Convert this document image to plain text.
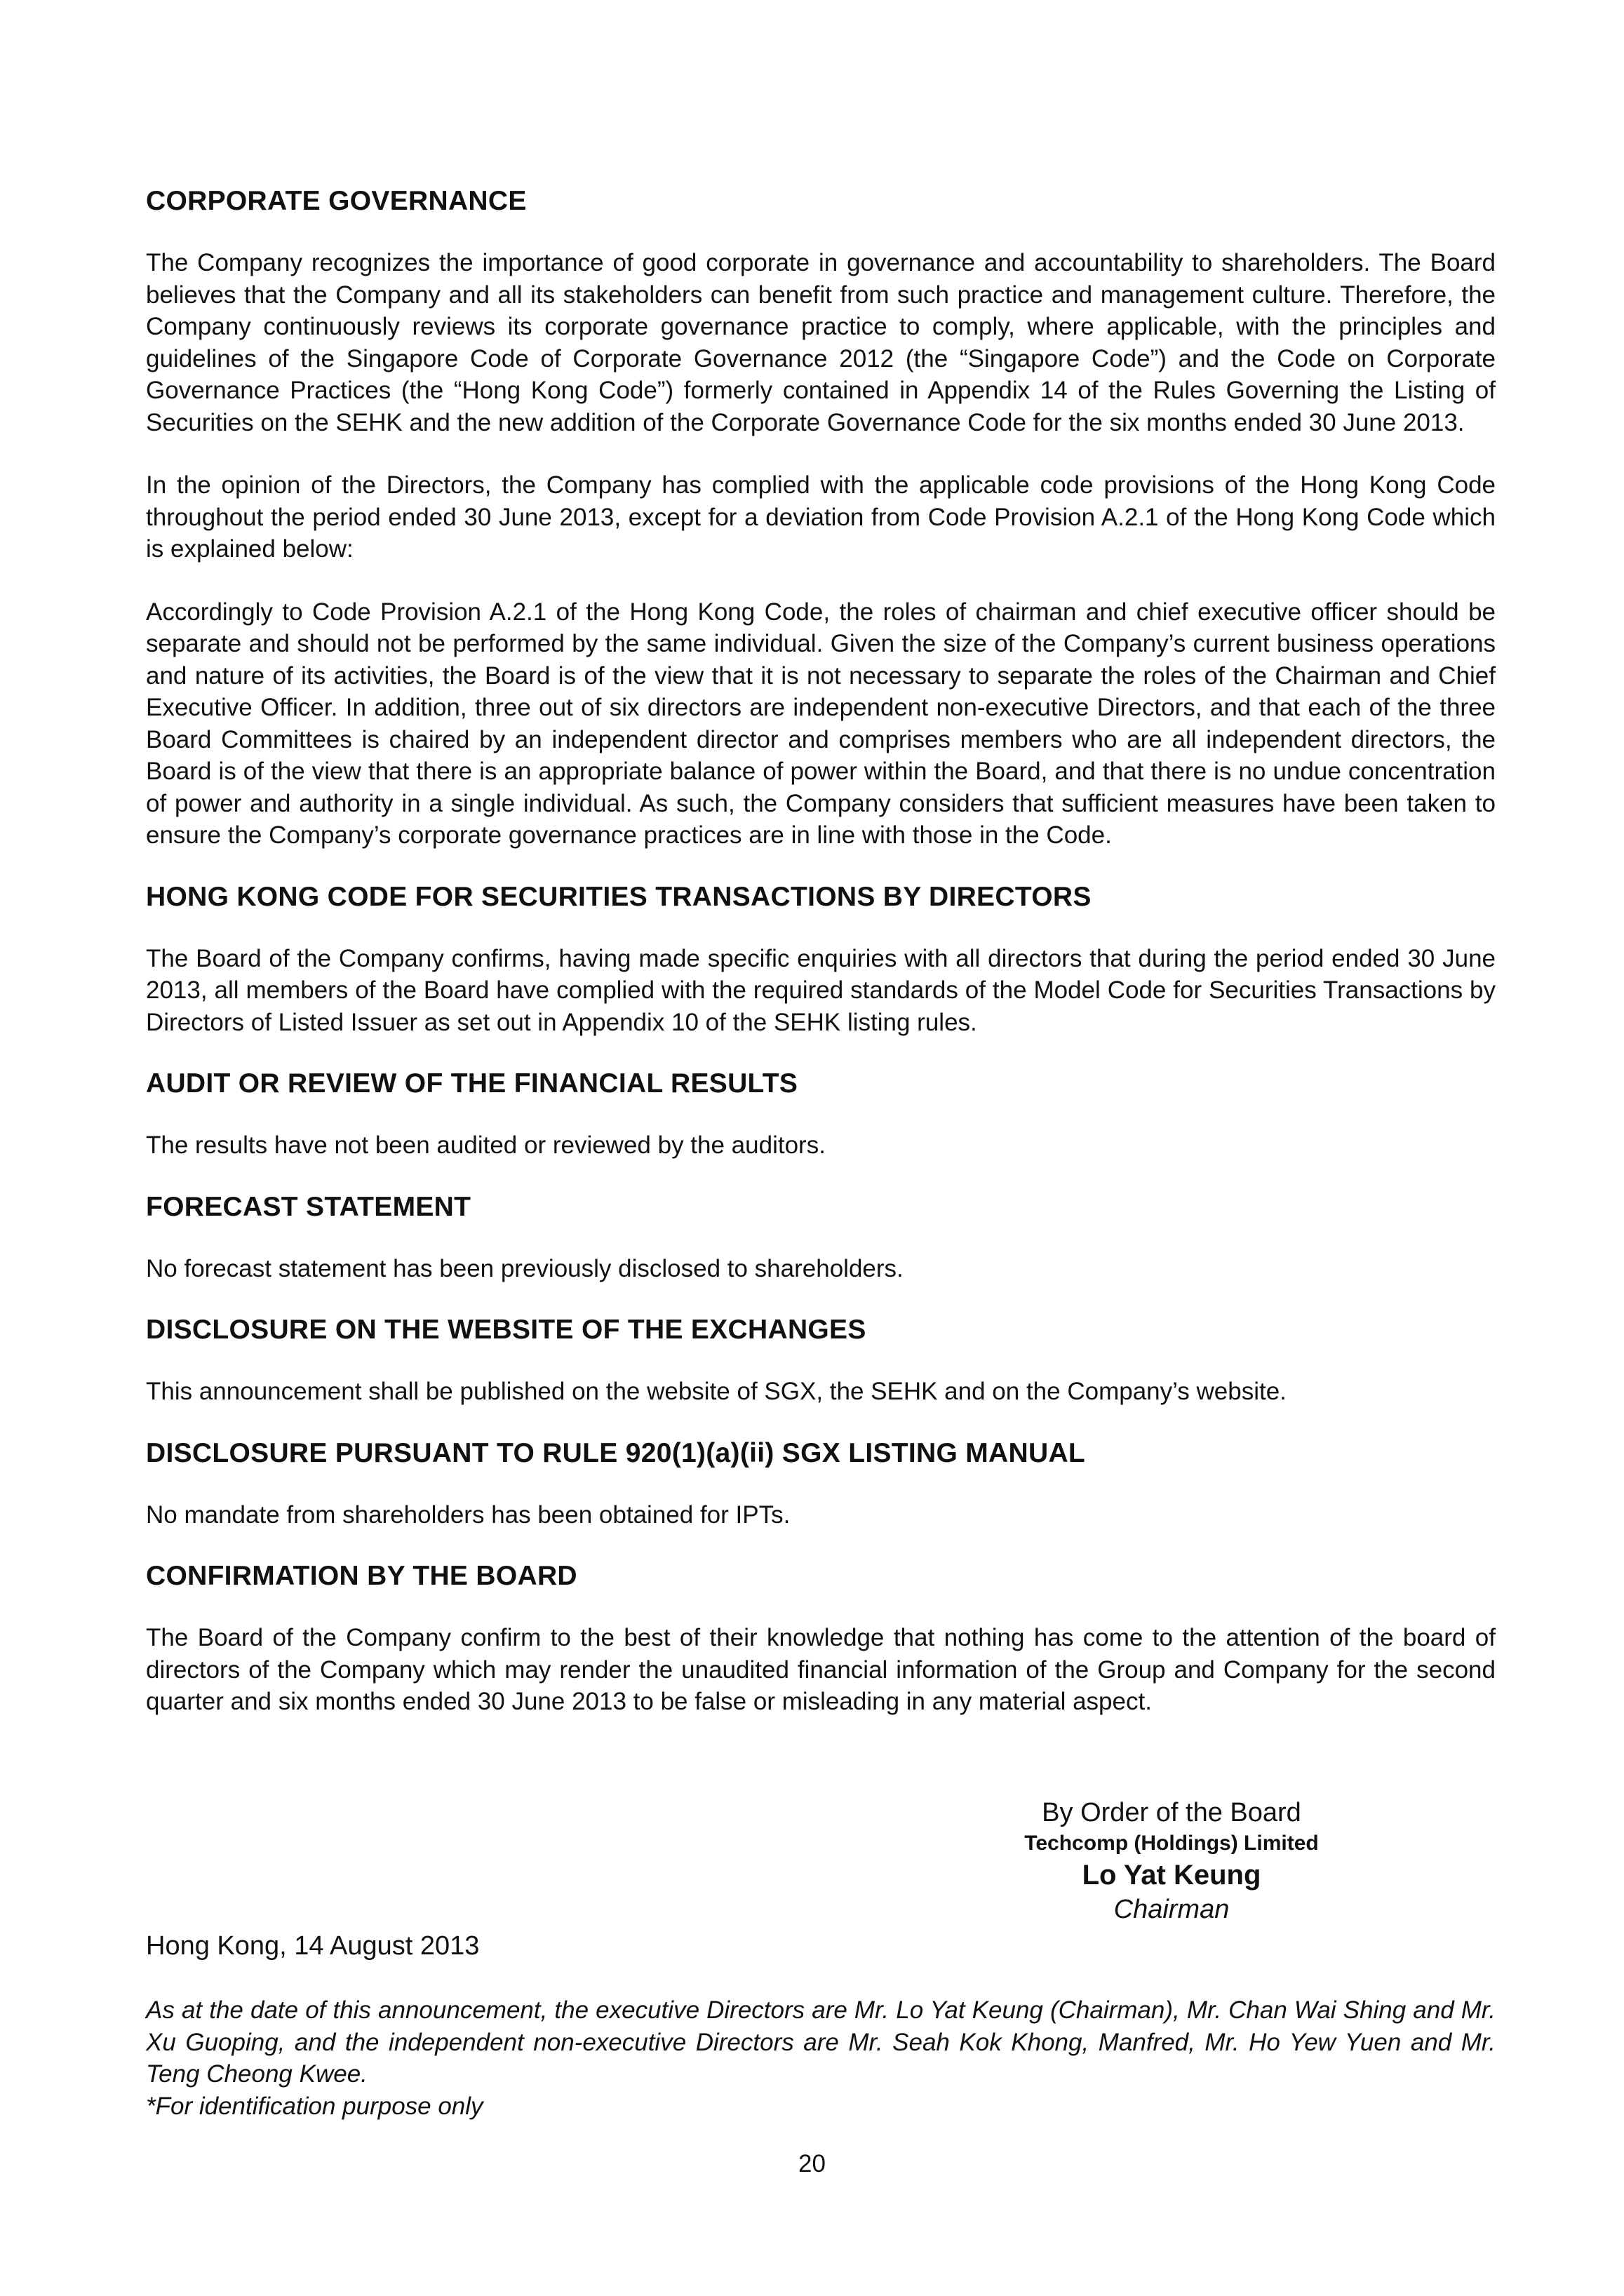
CORPORATE GOVERNANCE

The Company recognizes the importance of good corporate in governance and accountability to shareholders. The Board believes that the Company and all its stakeholders can benefit from such practice and management culture. Therefore, the Company continuously reviews its corporate governance practice to comply, where applicable, with the principles and guidelines of the Singapore Code of Corporate Governance 2012 (the “Singapore Code”) and the Code on Corporate Governance Practices (the “Hong Kong Code”) formerly contained in Appendix 14 of the Rules Governing the Listing of Securities on the SEHK and the new addition of the Corporate Governance Code for the six months ended 30 June 2013.

In the opinion of the Directors, the Company has complied with the applicable code provisions of the Hong Kong Code throughout the period ended 30 June 2013, except for a deviation from Code Provision A.2.1 of the Hong Kong Code which is explained below:

Accordingly to Code Provision A.2.1 of the Hong Kong Code, the roles of chairman and chief executive officer should be separate and should not be performed by the same individual. Given the size of the Company’s current business operations and nature of its activities, the Board is of the view that it is not necessary to separate the roles of the Chairman and Chief Executive Officer. In addition, three out of six directors are independent non-executive Directors, and that each of the three Board Committees is chaired by an independent director and comprises members who are all independent directors, the Board is of the view that there is an appropriate balance of power within the Board, and that there is no undue concentration of power and authority in a single individual. As such, the Company considers that sufficient measures have been taken to ensure the Company’s corporate governance practices are in line with those in the Code.

HONG KONG CODE FOR SECURITIES TRANSACTIONS BY DIRECTORS

The Board of the Company confirms, having made specific enquiries with all directors that during the period ended 30 June 2013, all members of the Board have complied with the required standards of the Model Code for Securities Transactions by Directors of Listed Issuer as set out in Appendix 10 of the SEHK listing rules.

AUDIT OR REVIEW OF THE FINANCIAL RESULTS

The results have not been audited or reviewed by the auditors.

FORECAST STATEMENT

No forecast statement has been previously disclosed to shareholders.

DISCLOSURE ON THE WEBSITE OF THE EXCHANGES

This announcement shall be published on the website of SGX, the SEHK and on the Company’s website.

DISCLOSURE PURSUANT TO RULE 920(1)(a)(ii) SGX LISTING MANUAL

No mandate from shareholders has been obtained for IPTs.

CONFIRMATION BY THE BOARD

The Board of the Company confirm to the best of their knowledge that nothing has come to the attention of the board of directors of the Company which may render the unaudited financial information of the Group and Company for the second quarter and six months ended 30 June 2013 to be false or misleading in any material aspect.

By Order of the Board
Techcomp (Holdings) Limited
Lo Yat Keung
Chairman
Hong Kong, 14 August 2013
As at the date of this announcement, the executive Directors are Mr. Lo Yat Keung (Chairman), Mr. Chan Wai Shing and Mr. Xu Guoping, and the independent non-executive Directors are Mr. Seah Kok Khong, Manfred, Mr. Ho Yew Yuen and Mr. Teng Cheong Kwee.
*For identification purpose only
20
